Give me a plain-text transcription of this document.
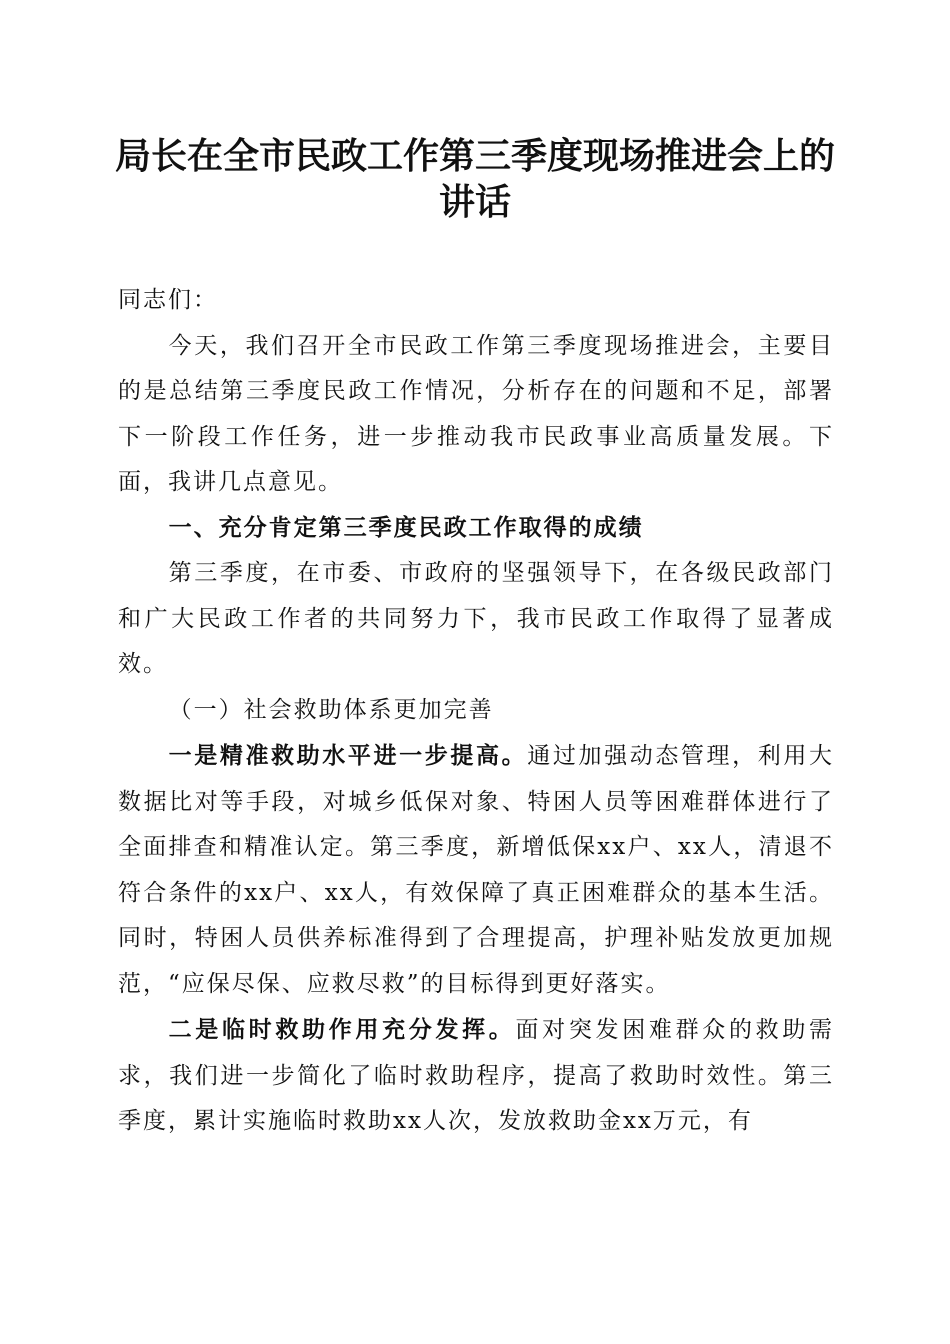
局长在全市民政工作第三季度现场推进会上的讲话

同志们：

今天，我们召开全市民政工作第三季度现场推进会，主要目的是总结第三季度民政工作情况，分析存在的问题和不足，部署下一阶段工作任务，进一步推动我市民政事业高质量发展。下面，我讲几点意见。

一、充分肯定第三季度民政工作取得的成绩

第三季度，在市委、市政府的坚强领导下，在各级民政部门和广大民政工作者的共同努力下，我市民政工作取得了显著成效。

（一）社会救助体系更加完善

一是精准救助水平进一步提高。通过加强动态管理，利用大数据比对等手段，对城乡低保对象、特困人员等困难群体进行了全面排查和精准认定。第三季度，新增低保xx户、xx人，清退不符合条件的xx户、xx人，有效保障了真正困难群众的基本生活。同时，特困人员供养标准得到了合理提高，护理补贴发放更加规范，“应保尽保、应救尽救”的目标得到更好落实。

二是临时救助作用充分发挥。面对突发困难群众的救助需求，我们进一步简化了临时救助程序，提高了救助时效性。第三季度，累计实施临时救助xx人次，发放救助金xx万元，有
